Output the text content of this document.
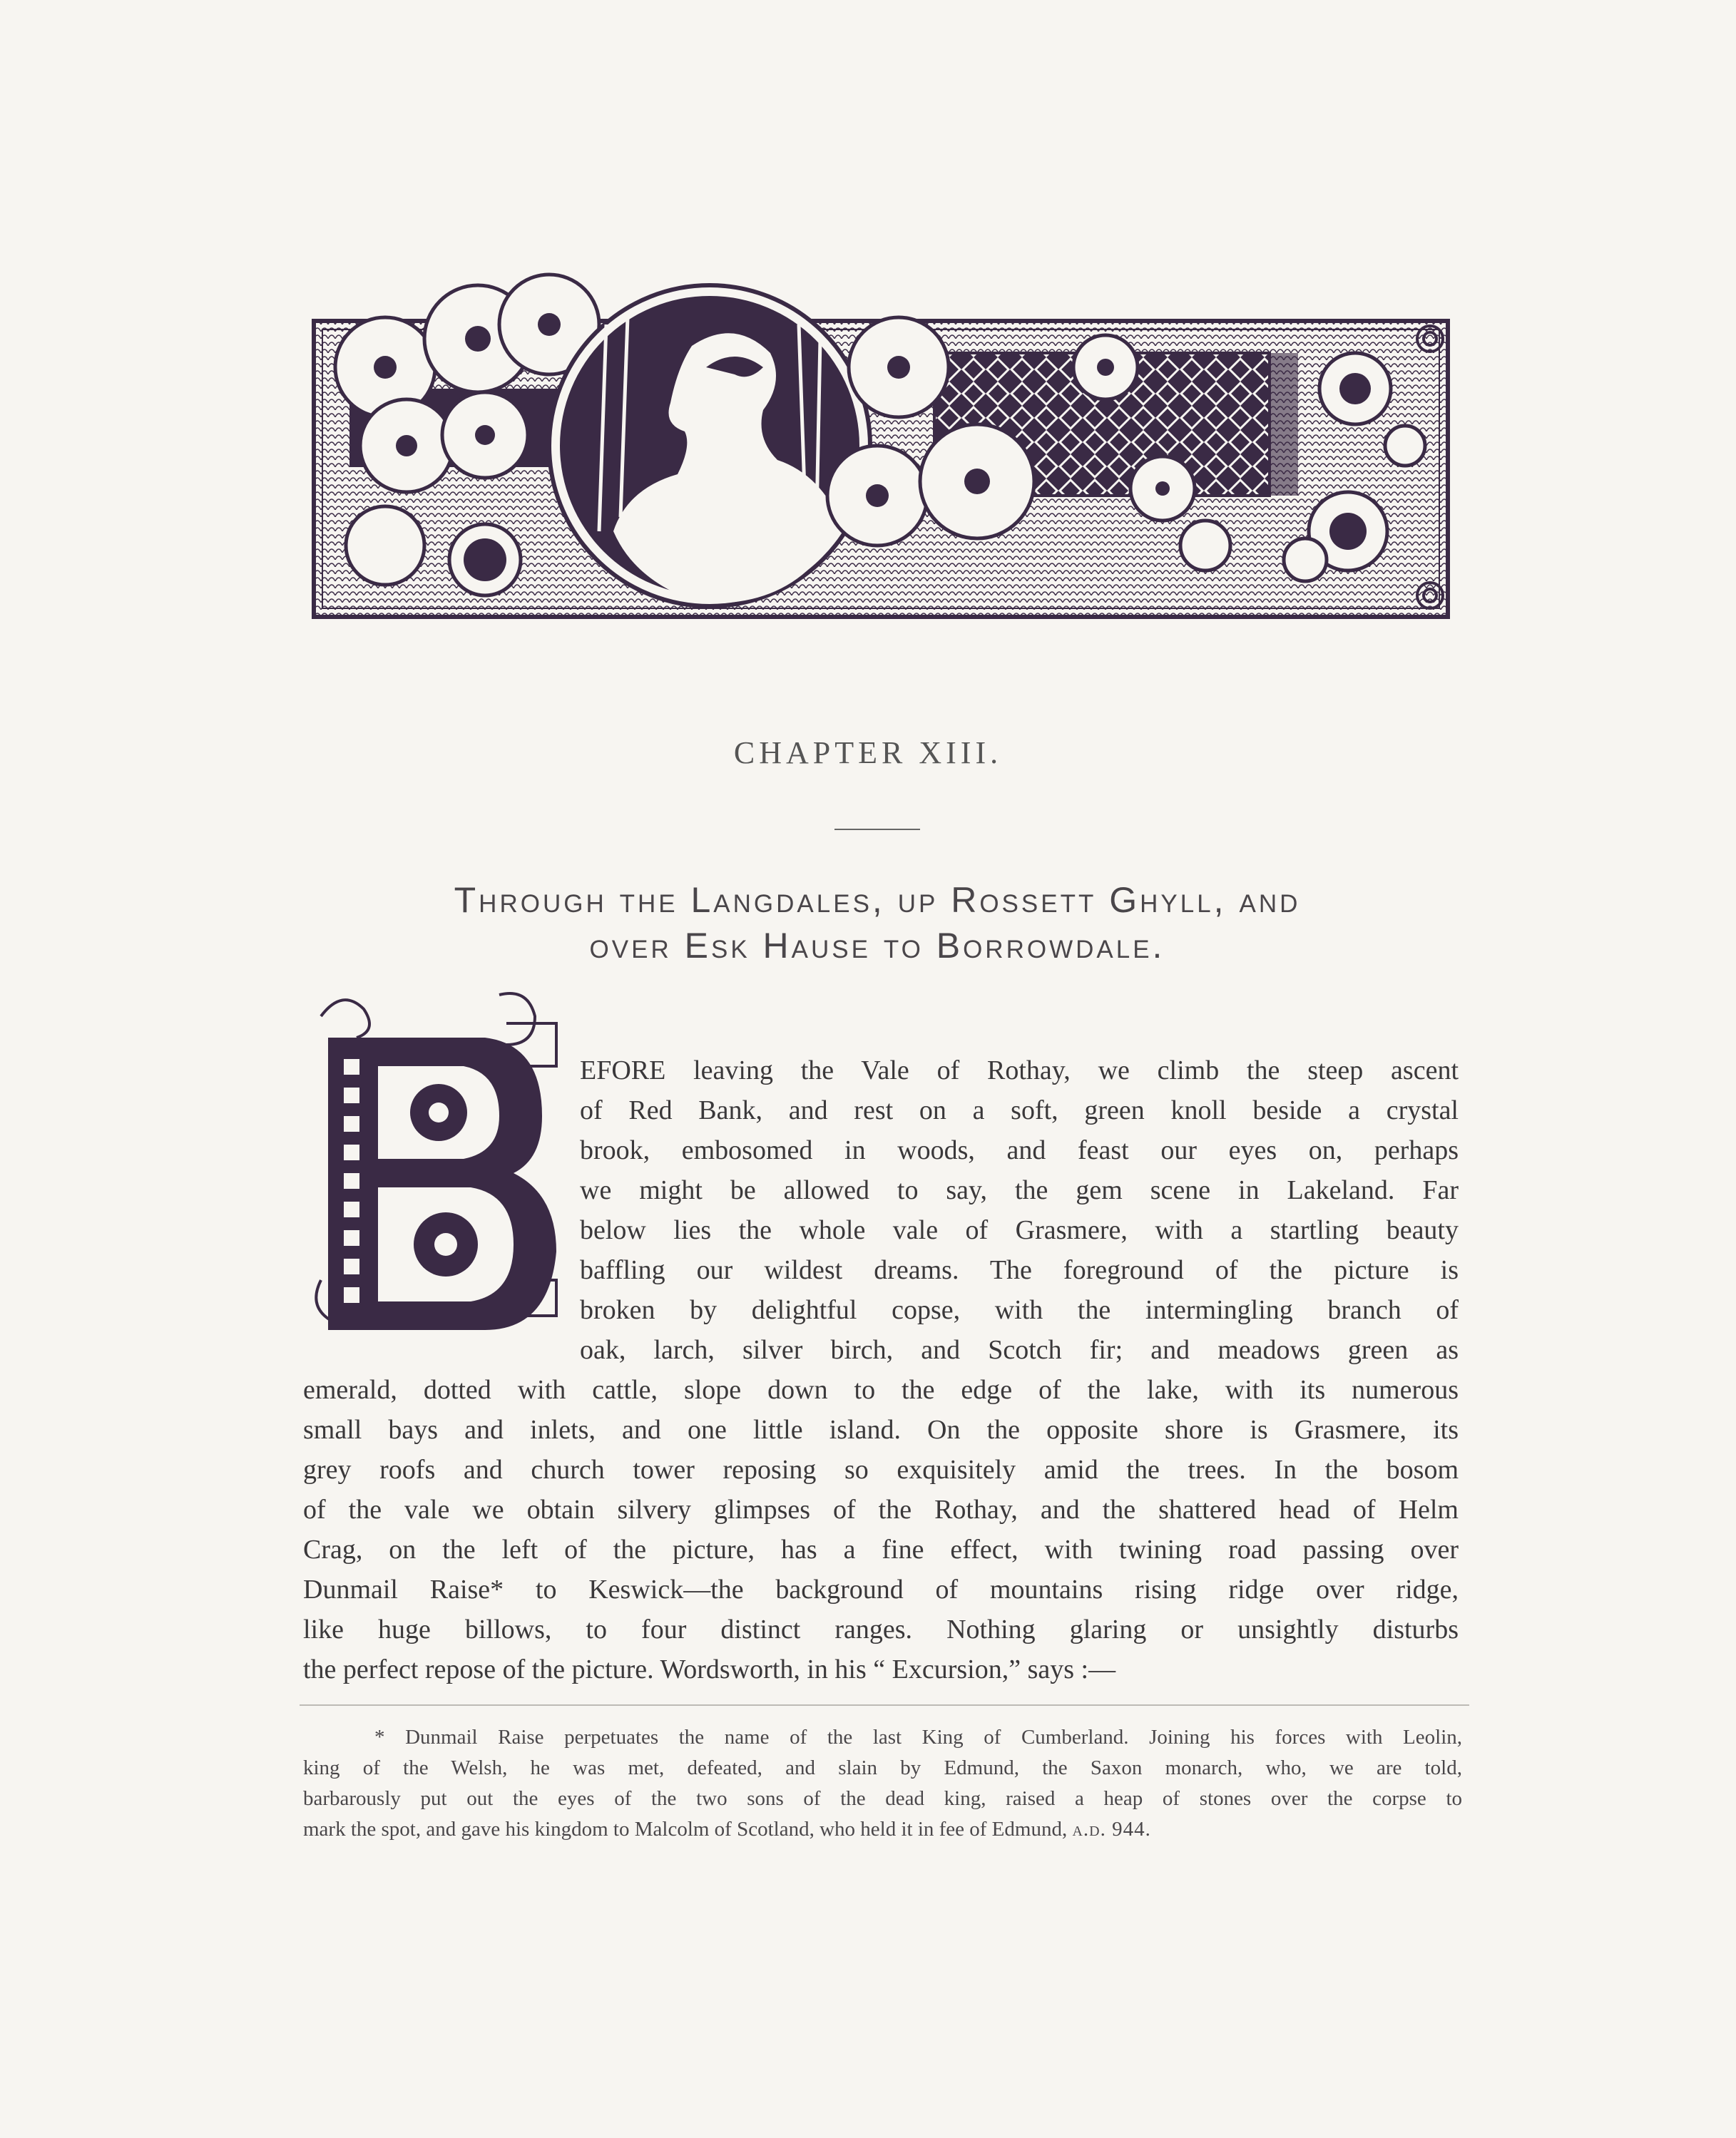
CHAPTER XIII.
Through the Langdales, up Rossett Ghyll, and
over Esk Hause to Borrowdale.
EFORE leaving the Vale of Rothay, we climb the steep ascent
of Red Bank, and rest on a soft, green knoll beside a crystal
brook, embosomed in woods, and feast our eyes on, perhaps
we might be allowed to say, the gem scene in Lakeland. Far
below lies the whole vale of Grasmere, with a startling beauty
baffling our wildest dreams. The foreground of the picture is
broken by delightful copse, with the intermingling branch of
oak, larch, silver birch, and Scotch fir; and meadows green as
emerald, dotted with cattle, slope down to the edge of the lake, with its numerous
small bays and inlets, and one little island. On the opposite shore is Grasmere, its
grey roofs and church tower reposing so exquisitely amid the trees. In the bosom
of the vale we obtain silvery glimpses of the Rothay, and the shattered head of Helm
Crag, on the left of the picture, has a fine effect, with twining road passing over
Dunmail Raise* to Keswick—the background of mountains rising ridge over ridge,
like huge billows, to four distinct ranges. Nothing glaring or unsightly disturbs
the perfect repose of the picture. Wordsworth, in his “ Excursion,” says :—
* Dunmail Raise perpetuates the name of the last King of Cumberland. Joining his forces with Leolin,
king of the Welsh, he was met, defeated, and slain by Edmund, the Saxon monarch, who, we are told,
barbarously put out the eyes of the two sons of the dead king, raised a heap of stones over the corpse to
mark the spot, and gave his kingdom to Malcolm of Scotland, who held it in fee of Edmund, a.d. 944.
